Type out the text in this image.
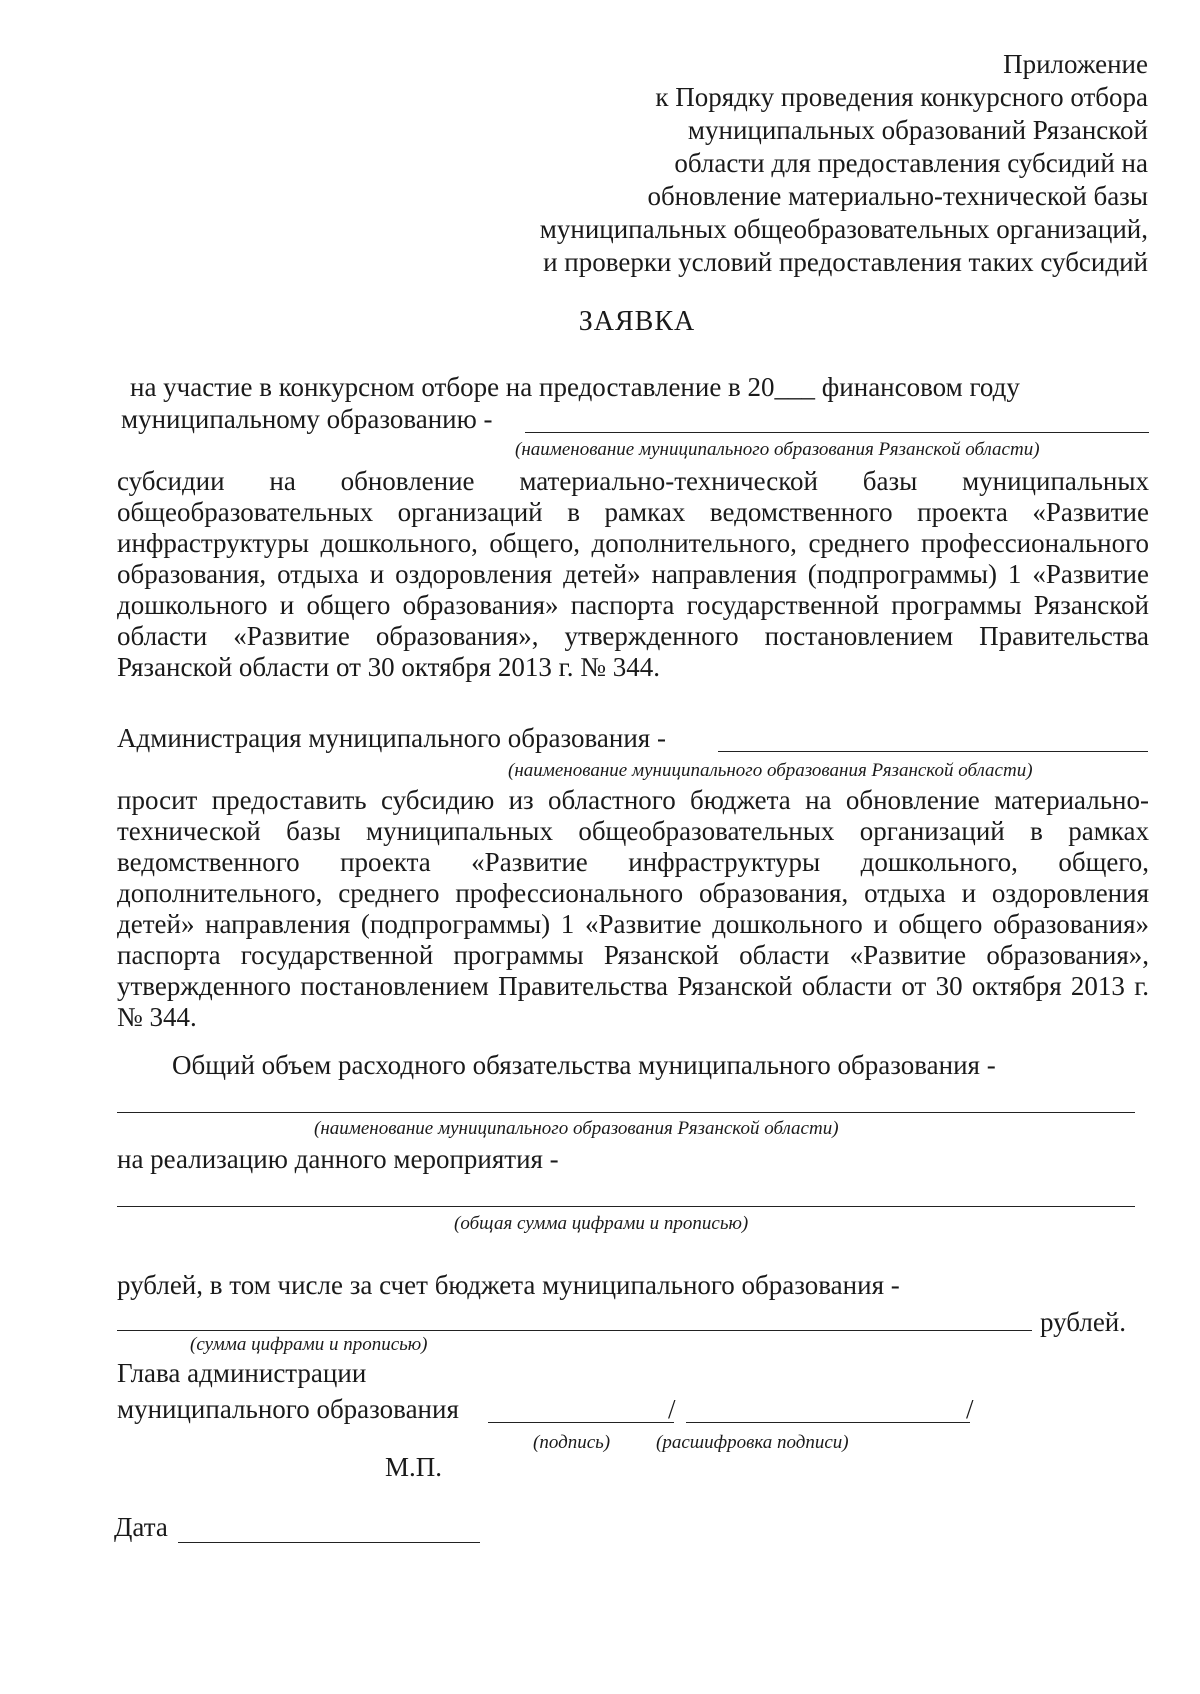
Приложение
к Порядку проведения конкурсного отбора
муниципальных образований Рязанской
области для предоставления субсидий на
обновление материально-технической базы
муниципальных общеобразовательных организаций,
и проверки условий предоставления таких субсидий
ЗАЯВКА
на участие в конкурсном отборе на предоставление в 20___ финансовом году
муниципальному образованию -
(наименование муниципального образования Рязанской области)
субсидии на обновление материально-технической базы муниципальных общеобразовательных организаций в рамках ведомственного проекта «Развитие инфраструктуры дошкольного, общего, дополнительного, среднего профессионального образования, отдыха и оздоровления детей» направления (подпрограммы) 1 «Развитие дошкольного и общего образования» паспорта государственной программы Рязанской области «Развитие образования», утвержденного постановлением Правительства Рязанской области от 30 октября 2013 г. № 344.
Администрация муниципального образования -
(наименование муниципального образования Рязанской области)
просит предоставить субсидию из областного бюджета на обновление материально-технической базы муниципальных общеобразовательных организаций в рамках ведомственного проекта «Развитие инфраструктуры дошкольного, общего, дополнительного, среднего профессионального образования, отдыха и оздоровления детей» направления (подпрограммы) 1 «Развитие дошкольного и общего образования» паспорта государственной программы Рязанской области «Развитие образования», утвержденного постановлением Правительства Рязанской области от 30 октября 2013 г. № 344.
Общий объем расходного обязательства муниципального образования -
(наименование муниципального образования Рязанской области)
на реализацию данного мероприятия -
(общая сумма цифрами и прописью)
рублей, в том числе за счет бюджета муниципального образования -
рублей.
(сумма цифрами и прописью)
Глава администрации
муниципального образования	/	/
(подпись) (расшифровка подписи)
М.П.
Дата
